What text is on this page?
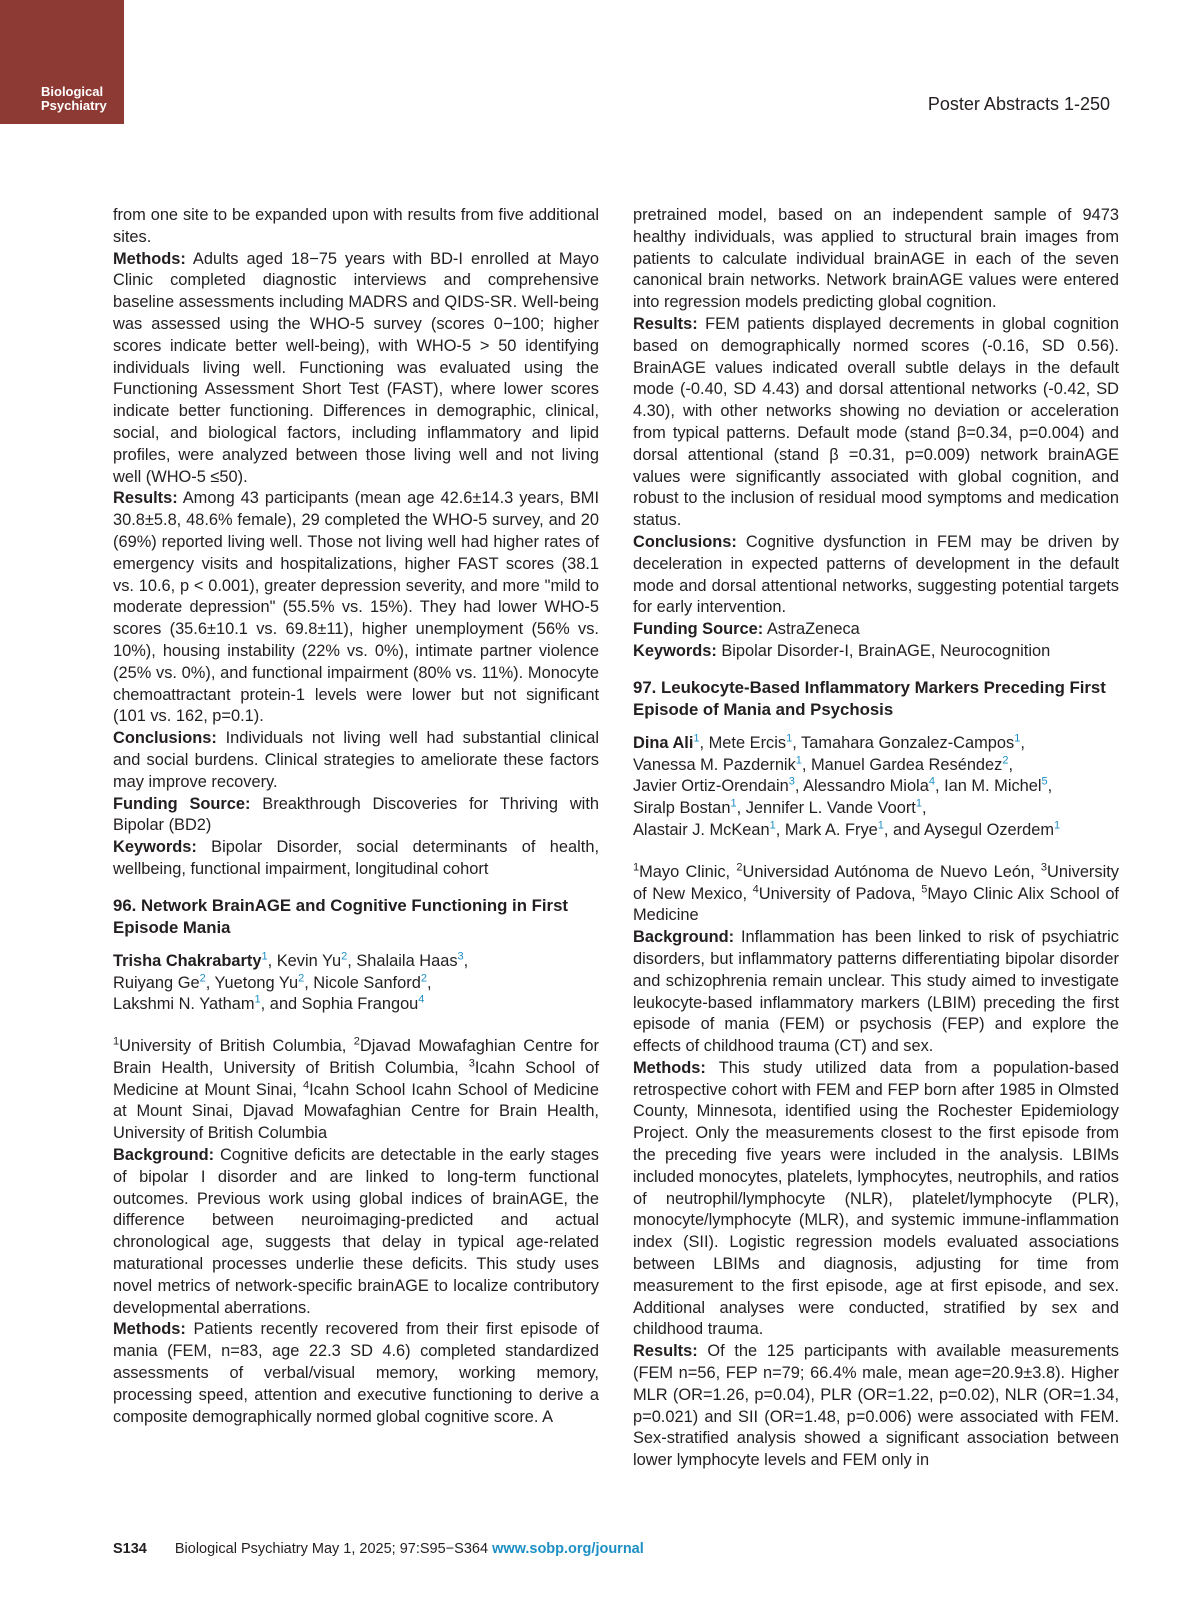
Biological
Psychiatry	Poster Abstracts 1-250

from one site to be expanded upon with results from five additional sites.

Methods: Adults aged 18−75 years with BD-I enrolled at Mayo Clinic completed diagnostic interviews and comprehensive baseline assessments including MADRS and QIDS-SR. Well-being was assessed using the WHO-5 survey (scores 0−100; higher scores indicate better well-being), with WHO-5 > 50 identifying individuals living well. Functioning was evaluated using the Functioning Assessment Short Test (FAST), where lower scores indicate better functioning. Differences in demographic, clinical, social, and biological factors, including inflammatory and lipid profiles, were analyzed between those living well and not living well (WHO-5 ≤50).

Results: Among 43 participants (mean age 42.6±14.3 years, BMI 30.8±5.8, 48.6% female), 29 completed the WHO-5 survey, and 20 (69%) reported living well. Those not living well had higher rates of emergency visits and hospitalizations, higher FAST scores (38.1 vs. 10.6, p < 0.001), greater depression severity, and more "mild to moderate depression" (55.5% vs. 15%). They had lower WHO-5 scores (35.6±10.1 vs. 69.8±11), higher unemployment (56% vs. 10%), housing instability (22% vs. 0%), intimate partner violence (25% vs. 0%), and functional impairment (80% vs. 11%). Monocyte chemoattractant protein-1 levels were lower but not significant (101 vs. 162, p=0.1).

Conclusions: Individuals not living well had substantial clinical and social burdens. Clinical strategies to ameliorate these factors may improve recovery.

Funding Source: Breakthrough Discoveries for Thriving with Bipolar (BD2)

Keywords: Bipolar Disorder, social determinants of health, wellbeing, functional impairment, longitudinal cohort

96. Network BrainAGE and Cognitive Functioning in First Episode Mania
Trisha Chakrabarty$^1$, Kevin Yu$^2$, Shalaila Haas$^3$,
Ruiyang Ge$^2$, Yuetong Yu$^2$, Nicole Sanford$^2$,
Lakshmi N. Yatham$^1$, and Sophia Frangou$^4$

$^1$University of British Columbia, $^2$Djavad Mowafaghian Centre for Brain Health, University of British Columbia, $^3$Icahn School of Medicine at Mount Sinai, $^4$Icahn School Icahn School of Medicine at Mount Sinai, Djavad Mowafaghian Centre for Brain Health, University of British Columbia

Background: Cognitive deficits are detectable in the early stages of bipolar I disorder and are linked to long-term functional outcomes. Previous work using global indices of brainAGE, the difference between neuroimaging-predicted and actual chronological age, suggests that delay in typical age-related maturational processes underlie these deficits. This study uses novel metrics of network-specific brainAGE to localize contributory developmental aberrations.

Methods: Patients recently recovered from their first episode of mania (FEM, n=83, age 22.3 SD 4.6) completed standardized assessments of verbal/visual memory, working memory, processing speed, attention and executive functioning to derive a composite demographically normed global cognitive score. A

pretrained model, based on an independent sample of 9473 healthy individuals, was applied to structural brain images from patients to calculate individual brainAGE in each of the seven canonical brain networks. Network brainAGE values were entered into regression models predicting global cognition.

Results: FEM patients displayed decrements in global cognition based on demographically normed scores (-0.16, SD 0.56). BrainAGE values indicated overall subtle delays in the default mode (-0.40, SD 4.43) and dorsal attentional networks (-0.42, SD 4.30), with other networks showing no deviation or acceleration from typical patterns. Default mode (stand β=0.34, p=0.004) and dorsal attentional (stand β =0.31, p=0.009) network brainAGE values were significantly associated with global cognition, and robust to the inclusion of residual mood symptoms and medication status.

Conclusions: Cognitive dysfunction in FEM may be driven by deceleration in expected patterns of development in the default mode and dorsal attentional networks, suggesting potential targets for early intervention.

Funding Source: AstraZeneca

Keywords: Bipolar Disorder-I, BrainAGE, Neurocognition

97. Leukocyte-Based Inflammatory Markers Preceding First Episode of Mania and Psychosis
Dina Ali$^1$, Mete Ercis$^1$, Tamahara Gonzalez-Campos$^1$,
Vanessa M. Pazdernik$^1$, Manuel Gardea Reséndez$^2$,
Javier Ortiz-Orendain$^3$, Alessandro Miola$^4$, Ian M. Michel$^5$,
Siralp Bostan$^1$, Jennifer L. Vande Voort$^1$,
Alastair J. McKean$^1$, Mark A. Frye$^1$, and Aysegul Ozerdem$^1$

$^1$Mayo Clinic, $^2$Universidad Autónoma de Nuevo León, $^3$University of New Mexico, $^4$University of Padova, $^5$Mayo Clinic Alix School of Medicine

Background: Inflammation has been linked to risk of psychiatric disorders, but inflammatory patterns differentiating bipolar disorder and schizophrenia remain unclear. This study aimed to investigate leukocyte-based inflammatory markers (LBIM) preceding the first episode of mania (FEM) or psychosis (FEP) and explore the effects of childhood trauma (CT) and sex.

Methods: This study utilized data from a population-based retrospective cohort with FEM and FEP born after 1985 in Olmsted County, Minnesota, identified using the Rochester Epidemiology Project. Only the measurements closest to the first episode from the preceding five years were included in the analysis. LBIMs included monocytes, platelets, lymphocytes, neutrophils, and ratios of neutrophil/lymphocyte (NLR), platelet/lymphocyte (PLR), monocyte/lymphocyte (MLR), and systemic immune-inflammation index (SII). Logistic regression models evaluated associations between LBIMs and diagnosis, adjusting for time from measurement to the first episode, age at first episode, and sex. Additional analyses were conducted, stratified by sex and childhood trauma.

Results: Of the 125 participants with available measurements (FEM n=56, FEP n=79; 66.4% male, mean age=20.9±3.8). Higher MLR (OR=1.26, p=0.04), PLR (OR=1.22, p=0.02), NLR (OR=1.34, p=0.021) and SII (OR=1.48, p=0.006) were associated with FEM. Sex-stratified analysis showed a significant association between lower lymphocyte levels and FEM only in

S134 Biological Psychiatry May 1, 2025; 97:S95−S364 www.sobp.org/journal
